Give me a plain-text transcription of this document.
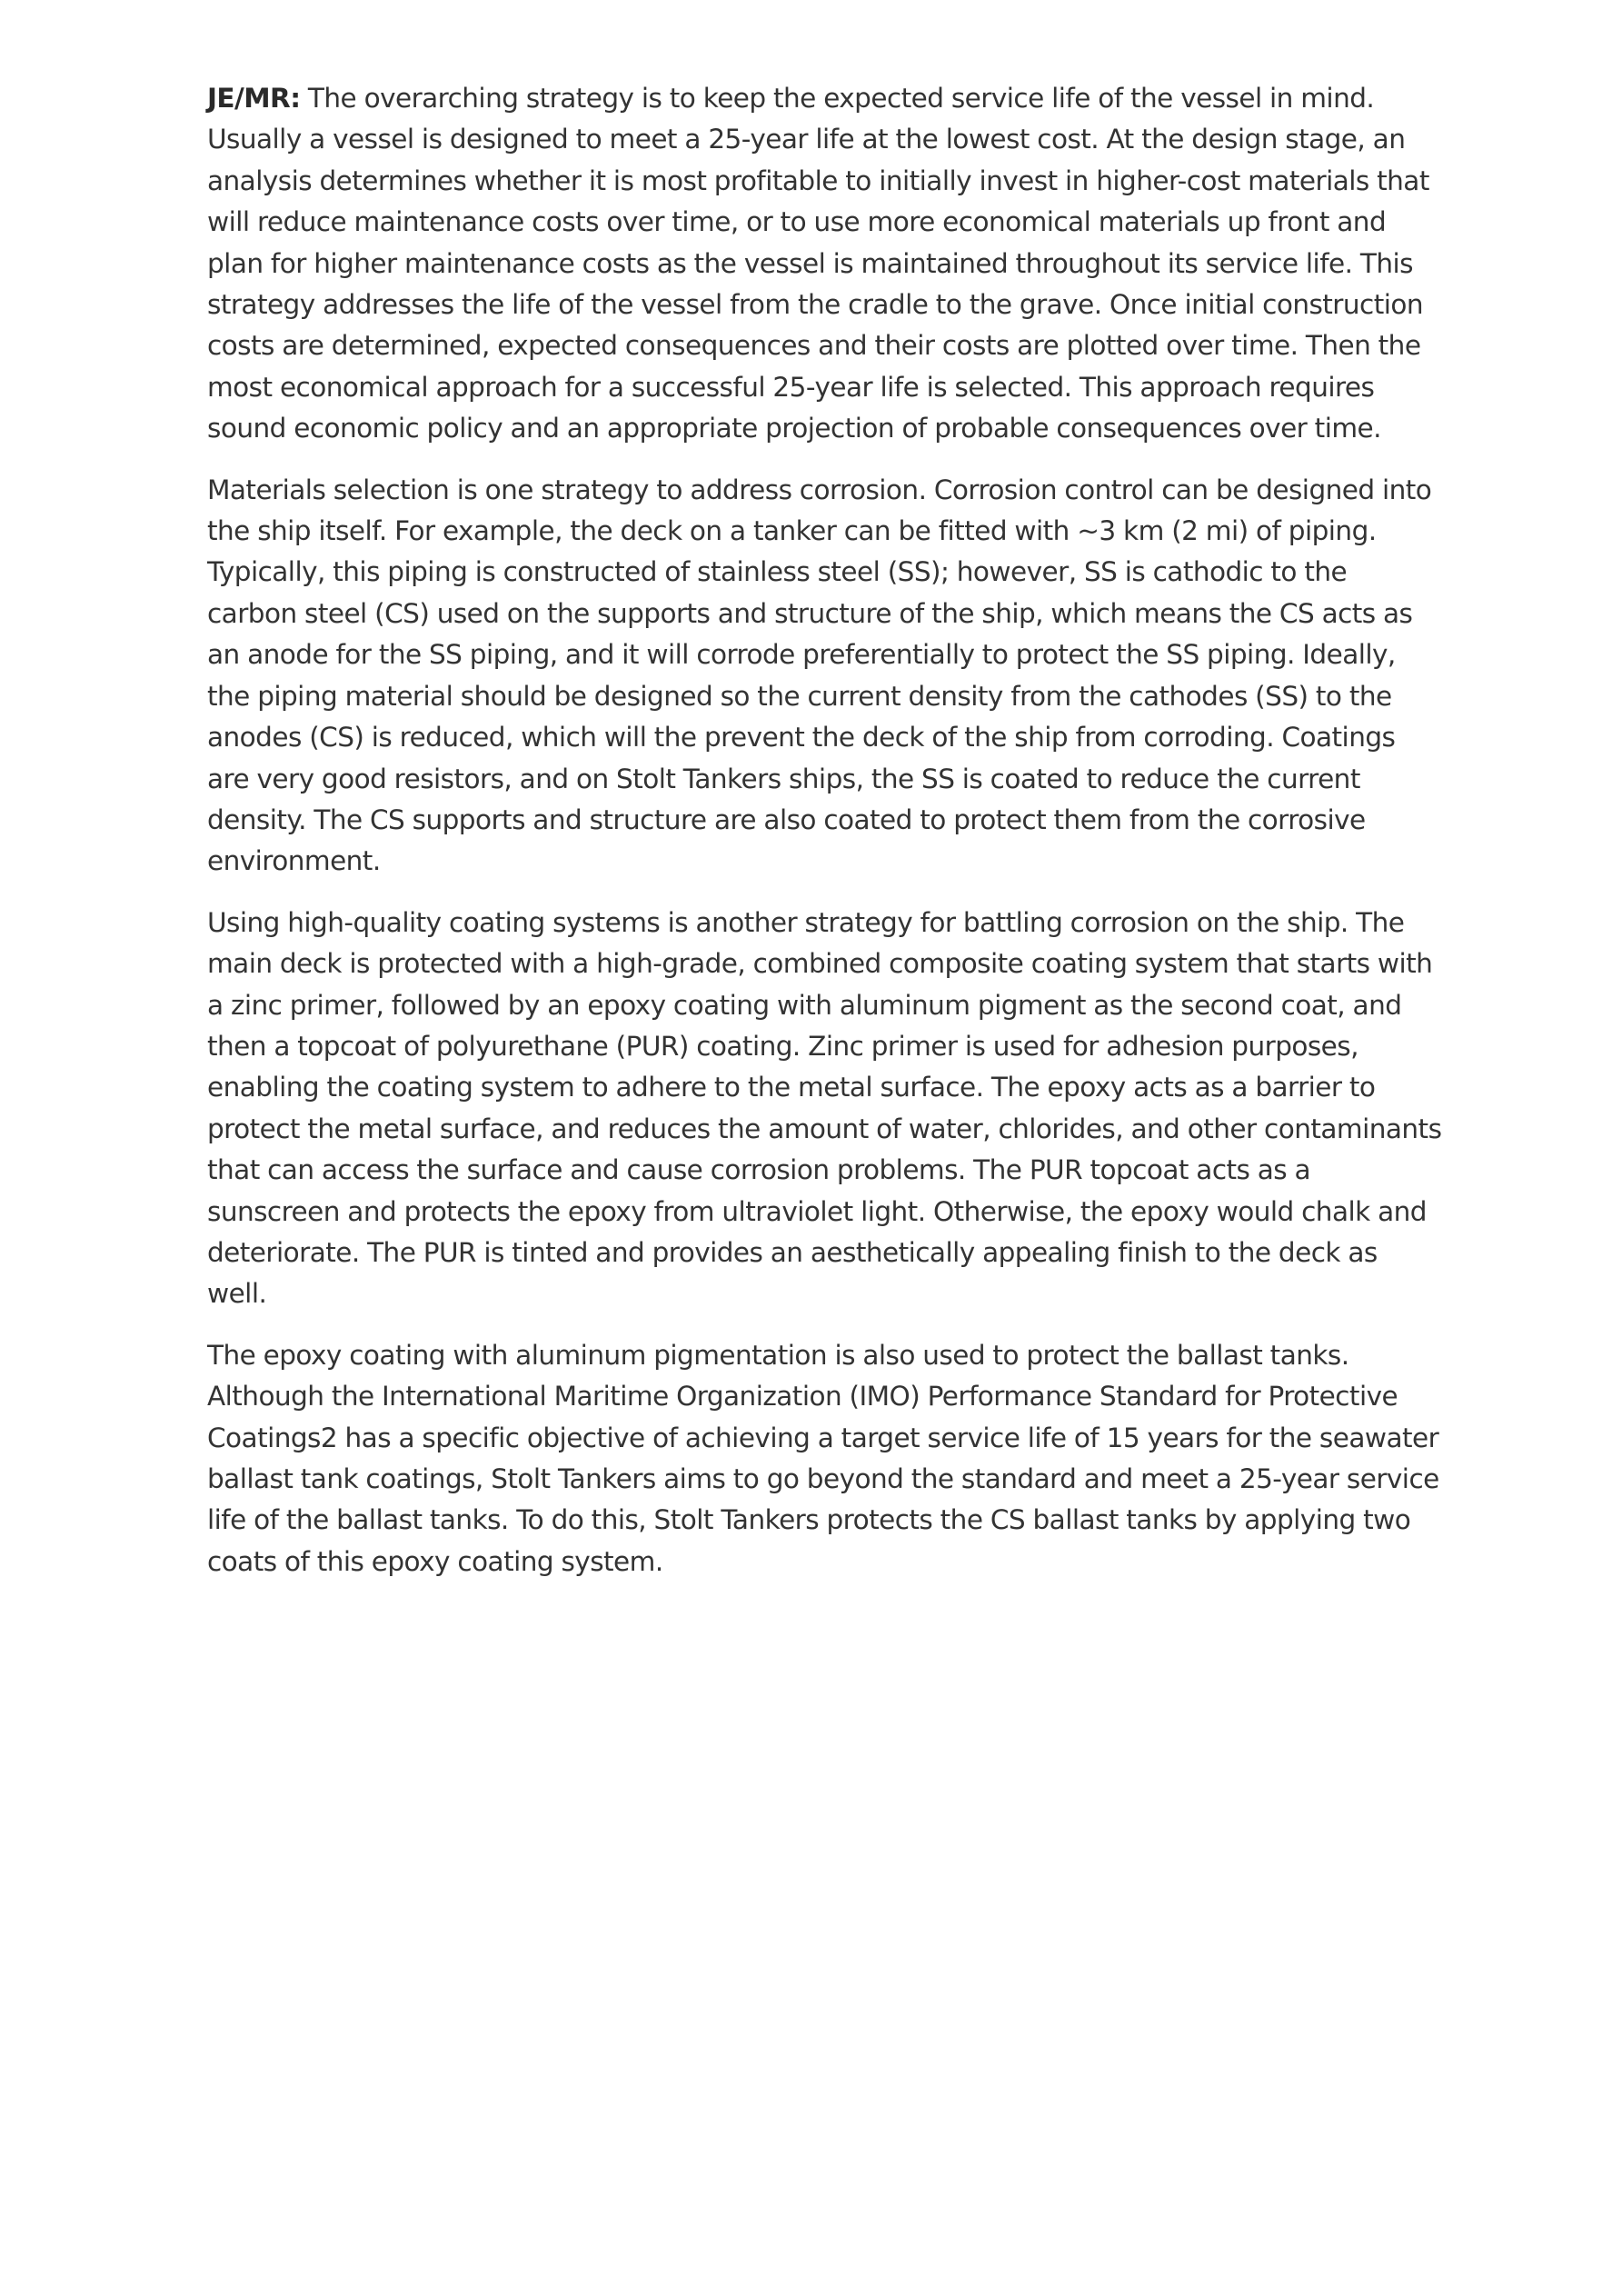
JE/MR: The overarching strategy is to keep the expected service life of the vessel in mind. Usually a vessel is designed to meet a 25-year life at the lowest cost. At the design stage, an analysis determines whether it is most profitable to initially invest in higher-cost materials that will reduce maintenance costs over time, or to use more economical materials up front and plan for higher maintenance costs as the vessel is maintained throughout its service life. This strategy addresses the life of the vessel from the cradle to the grave. Once initial construction costs are determined, expected consequences and their costs are plotted over time. Then the most economical approach for a successful 25-year life is selected. This approach requires sound economic policy and an appropriate projection of probable consequences over time.

Materials selection is one strategy to address corrosion. Corrosion control can be designed into the ship itself. For example, the deck on a tanker can be fitted with ~3 km (2 mi) of piping. Typically, this piping is constructed of stainless steel (SS); however, SS is cathodic to the carbon steel (CS) used on the supports and structure of the ship, which means the CS acts as an anode for the SS piping, and it will corrode preferentially to protect the SS piping. Ideally, the piping material should be designed so the current density from the cathodes (SS) to the anodes (CS) is reduced, which will the prevent the deck of the ship from corroding. Coatings are very good resistors, and on Stolt Tankers ships, the SS is coated to reduce the current density. The CS supports and structure are also coated to protect them from the corrosive environment.

Using high-quality coating systems is another strategy for battling corrosion on the ship. The main deck is protected with a high-grade, combined composite coating system that starts with a zinc primer, followed by an epoxy coating with aluminum pigment as the second coat, and then a topcoat of polyurethane (PUR) coating. Zinc primer is used for adhesion purposes, enabling the coating system to adhere to the metal surface. The epoxy acts as a barrier to protect the metal surface, and reduces the amount of water, chlorides, and other contaminants that can access the surface and cause corrosion problems. The PUR topcoat acts as a sunscreen and protects the epoxy from ultraviolet light. Otherwise, the epoxy would chalk and deteriorate. The PUR is tinted and provides an aesthetically appealing finish to the deck as well.

The epoxy coating with aluminum pigmentation is also used to protect the ballast tanks. Although the International Maritime Organization (IMO) Performance Standard for Protective Coatings2 has a specific objective of achieving a target service life of 15 years for the seawater ballast tank coatings, Stolt Tankers aims to go beyond the standard and meet a 25-year service life of the ballast tanks. To do this, Stolt Tankers protects the CS ballast tanks by applying two coats of this epoxy coating system.
